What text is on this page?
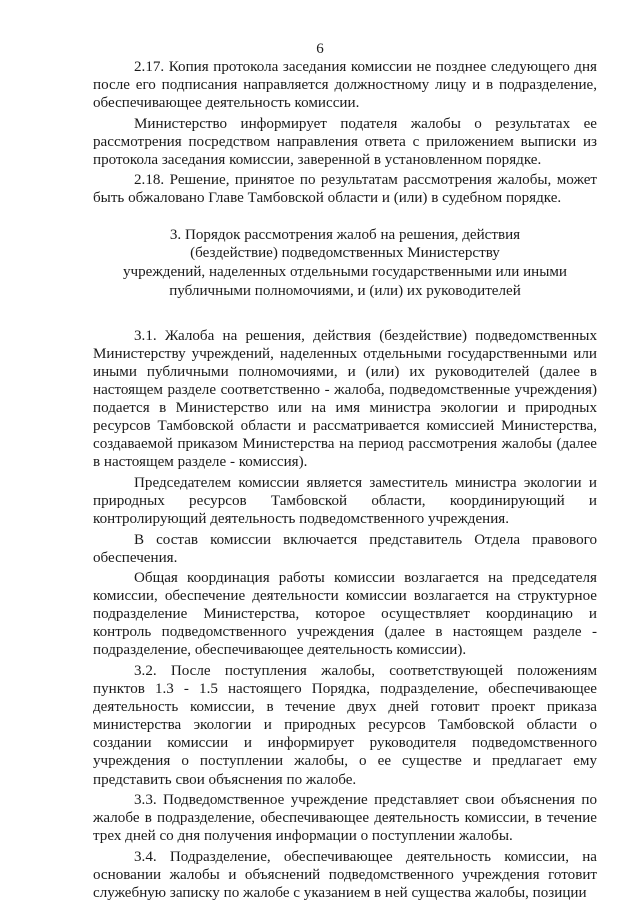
6

2.17. Копия протокола заседания комиссии не позднее следующего дня после его подписания направляется должностному лицу и в подразделение, обеспечивающее деятельность комиссии.

Министерство информирует подателя жалобы о результатах ее рассмотрения посредством направления ответа с приложением выписки из протокола заседания комиссии, заверенной в установленном порядке.

2.18. Решение, принятое по результатам рассмотрения жалобы, может быть обжаловано Главе Тамбовской области и (или) в судебном порядке.

3. Порядок рассмотрения жалоб на решения, действия
(бездействие) подведомственных Министерству
учреждений, наделенных отдельными государственными или иными
публичными полномочиями, и (или) их руководителей

3.1. Жалоба на решения, действия (бездействие) подведомственных Министерству учреждений, наделенных отдельными государственными или иными публичными полномочиями, и (или) их руководителей (далее в настоящем разделе соответственно - жалоба, подведомственные учреждения) подается в Министерство или на имя министра экологии и природных ресурсов Тамбовской области и рассматривается комиссией Министерства, создаваемой приказом Министерства на период рассмотрения жалобы (далее в настоящем разделе - комиссия).

Председателем комиссии является заместитель министра экологии и природных ресурсов Тамбовской области, координирующий и контролирующий деятельность подведомственного учреждения.

В состав комиссии включается представитель Отдела правового обеспечения.

Общая координация работы комиссии возлагается на председателя комиссии, обеспечение деятельности комиссии возлагается на структурное подразделение Министерства, которое осуществляет координацию и контроль подведомственного учреждения (далее в настоящем разделе - подразделение, обеспечивающее деятельность комиссии).

3.2. После поступления жалобы, соответствующей положениям пунктов 1.3 - 1.5 настоящего Порядка, подразделение, обеспечивающее деятельность комиссии, в течение двух дней готовит проект приказа министерства экологии и природных ресурсов Тамбовской области о создании комиссии и информирует руководителя подведомственного учреждения о поступлении жалобы, о ее существе и предлагает ему представить свои объяснения по жалобе.

3.3. Подведомственное учреждение представляет свои объяснения по жалобе в подразделение, обеспечивающее деятельность комиссии, в течение трех дней со дня получения информации о поступлении жалобы.

3.4. Подразделение, обеспечивающее деятельность комиссии, на основании жалобы и объяснений подведомственного учреждения готовит служебную записку по жалобе с указанием в ней существа жалобы, позиции
